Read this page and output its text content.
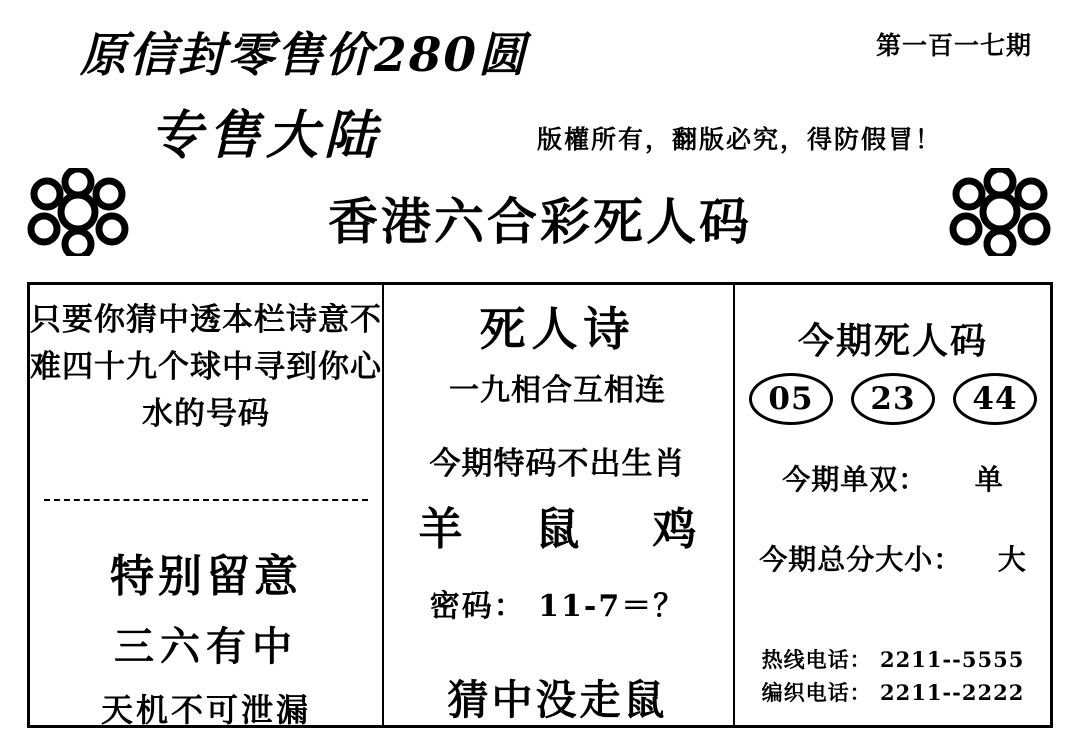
原信封零售价280圆	第一百一七期
专售大陆	版權所有，翻版必究，得防假冒！
香港六合彩死人码
只要你猜中透本栏诗意不难四十九个球中寻到你心水的号码
特别留意
三六有中
天机不可泄漏
死人诗
一九相合互相连
今期特码不出生肖
羊 鼠 鸡
密码： 11-7＝？
猜中没走鼠
今期死人码
05	23	44
今期单双： 单
今期总分大小： 大
热线电话： 2211--5555
编织电话： 2211--2222
